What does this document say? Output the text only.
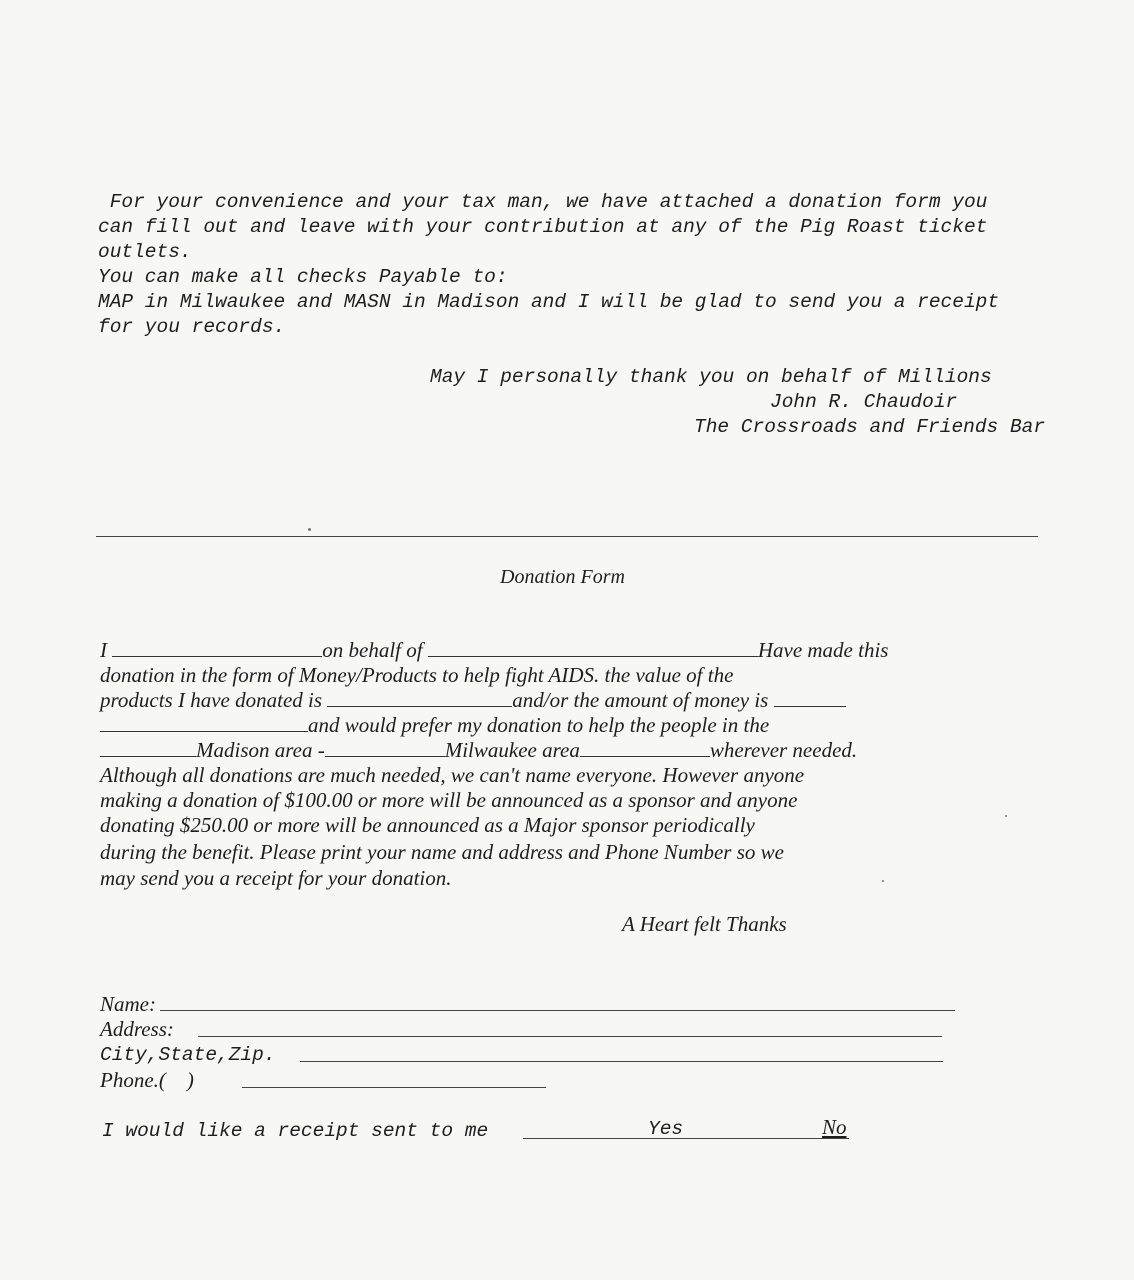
For your convenience and your tax man, we have attached a donation form you
can fill out and leave with your contribution at any of the Pig Roast ticket
outlets.
You can make all checks Payable to:
MAP in Milwaukee and MASN in Madison and I will be glad to send you a receipt
for you records.
May I personally thank you on behalf of Millions
John R. Chaudoir
The Crossroads and Friends Bar
Donation Form
I	on behalf of	Have made this
donation in the form of Money/Products to help fight AIDS. the value of the
products I have donated is	and/or the amount of money is
and would prefer my donation to help the people in the
Madison area -	Milwaukee area	wherever needed.
Although all donations are much needed, we can't name everyone. However anyone
making a donation of $100.00 or more will be announced as a sponsor and anyone
donating $250.00 or more will be announced as a Major sponsor periodically
during the benefit. Please print your name and address and Phone Number so we
may send you a receipt for your donation.
A Heart felt Thanks
Name:
Address:
City,State,Zip.
Phone.(    )
I would like a receipt sent to me	Yes	No
